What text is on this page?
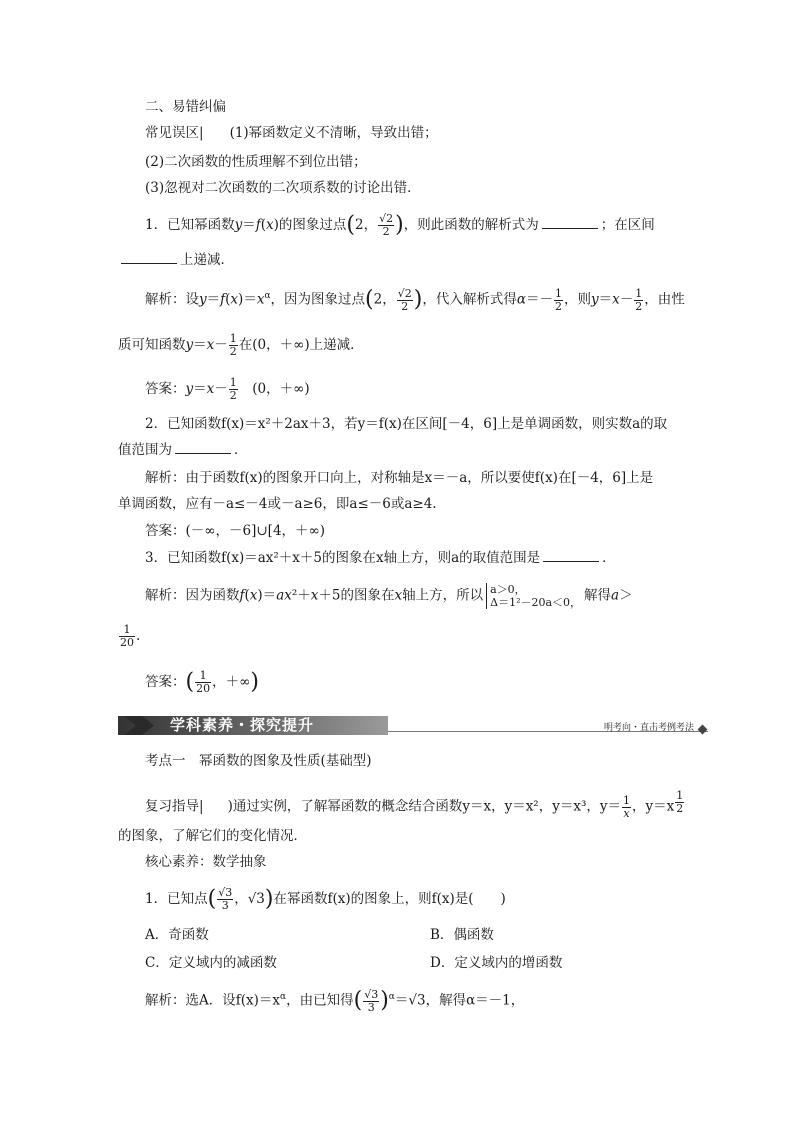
二、易错纠偏
常见误区| (1)幂函数定义不清晰，导致出错；
(2)二次函数的性质理解不到位出错；
(3)忽视对二次函数的二次项系数的讨论出错．
1．已知幂函数y＝f(x)的图象过点(2， $\frac{√2}{2}$ )，则此函数的解析式为	；在区间
上递减．
解析：设$y=f(x)=x^\alpha$，因为图象过点(2， $\frac{√2}{2}$ )，代入解析式得$\alpha=- \frac{1}{2}$ ，则$y=x- \frac{1}{2}$ ，由性
质可知函数$y=x- \frac{1}{2}$ 在(0，＋∞)上递减．
答案：$y=x- \frac{1}{2}$
　 (0，＋∞)
2．已知函数f(x)＝x²＋2ax＋3，若y＝f(x)在区间[－4，6]上是单调函数，则实数a的取
值范围为	．
解析：由于函数f(x)的图象开口向上，对称轴是x＝－a，所以要使f(x)在[－4，6]上是
单调函数，应有－a≤－4或－a≥6，即a≤－6或a≥4.
答案：(－∞，－6]∪[4，＋∞)
3．已知函数f(x)＝ax²＋x＋5的图象在x轴上方，则a的取值范围是	．
解析：因为函数f(x)＝ax²＋x＋5的图象在x轴上方，所以 a＞0，
Δ＝1²－20a＜0， 解得a＞
$\frac{1}{20}$ .
答案：( $\frac{1}{20}$ ，＋∞)
学科素养・探究提升	明考向・直击考例考法
考点一　幂函数的图象及性质(基础型)
复习指导| )通过实例，了解幂函数的概念结合函数y＝x，y＝x²，y＝x³，$y= \frac{1}{x}$ ，y＝x $^{\frac{1}{2}}$
的图象，了解它们的变化情况．
核心素养：数学抽象
1．已知点( $\frac{√3}{3}$ ，√3)在幂函数f(x)的图象上，则f(x)是(　　)
A．奇函数	B．偶函数
C．定义域内的减函数	D．定义域内的增函数
解析：选A．设$f(x)=x^\alpha$，由已知得( $\frac{√3}{3} )^\alpha=√3$，解得α＝－1，
